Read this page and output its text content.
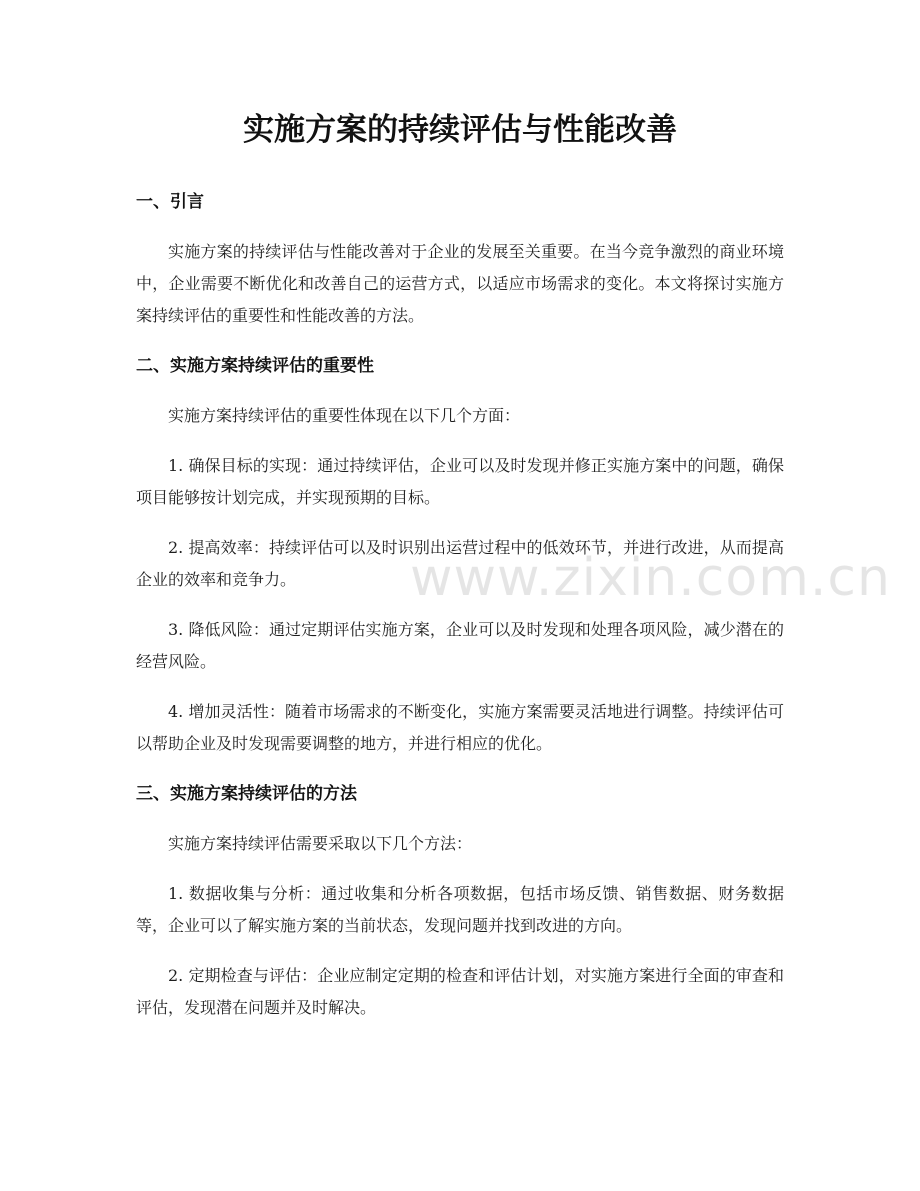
实施方案的持续评估与性能改善
一、引言

实施方案的持续评估与性能改善对于企业的发展至关重要。在当今竞争激烈的商业环境中，企业需要不断优化和改善自己的运营方式，以适应市场需求的变化。本文将探讨实施方案持续评估的重要性和性能改善的方法。

二、实施方案持续评估的重要性

实施方案持续评估的重要性体现在以下几个方面：

1. 确保目标的实现：通过持续评估，企业可以及时发现并修正实施方案中的问题，确保项目能够按计划完成，并实现预期的目标。

2. 提高效率：持续评估可以及时识别出运营过程中的低效环节，并进行改进，从而提高企业的效率和竞争力。

3. 降低风险：通过定期评估实施方案，企业可以及时发现和处理各项风险，减少潜在的经营风险。

4. 增加灵活性：随着市场需求的不断变化，实施方案需要灵活地进行调整。持续评估可以帮助企业及时发现需要调整的地方，并进行相应的优化。

三、实施方案持续评估的方法

实施方案持续评估需要采取以下几个方法：

1. 数据收集与分析：通过收集和分析各项数据，包括市场反馈、销售数据、财务数据等，企业可以了解实施方案的当前状态，发现问题并找到改进的方向。

2. 定期检查与评估：企业应制定定期的检查和评估计划，对实施方案进行全面的审查和评估，发现潜在问题并及时解决。

www.zixin.com.cn
